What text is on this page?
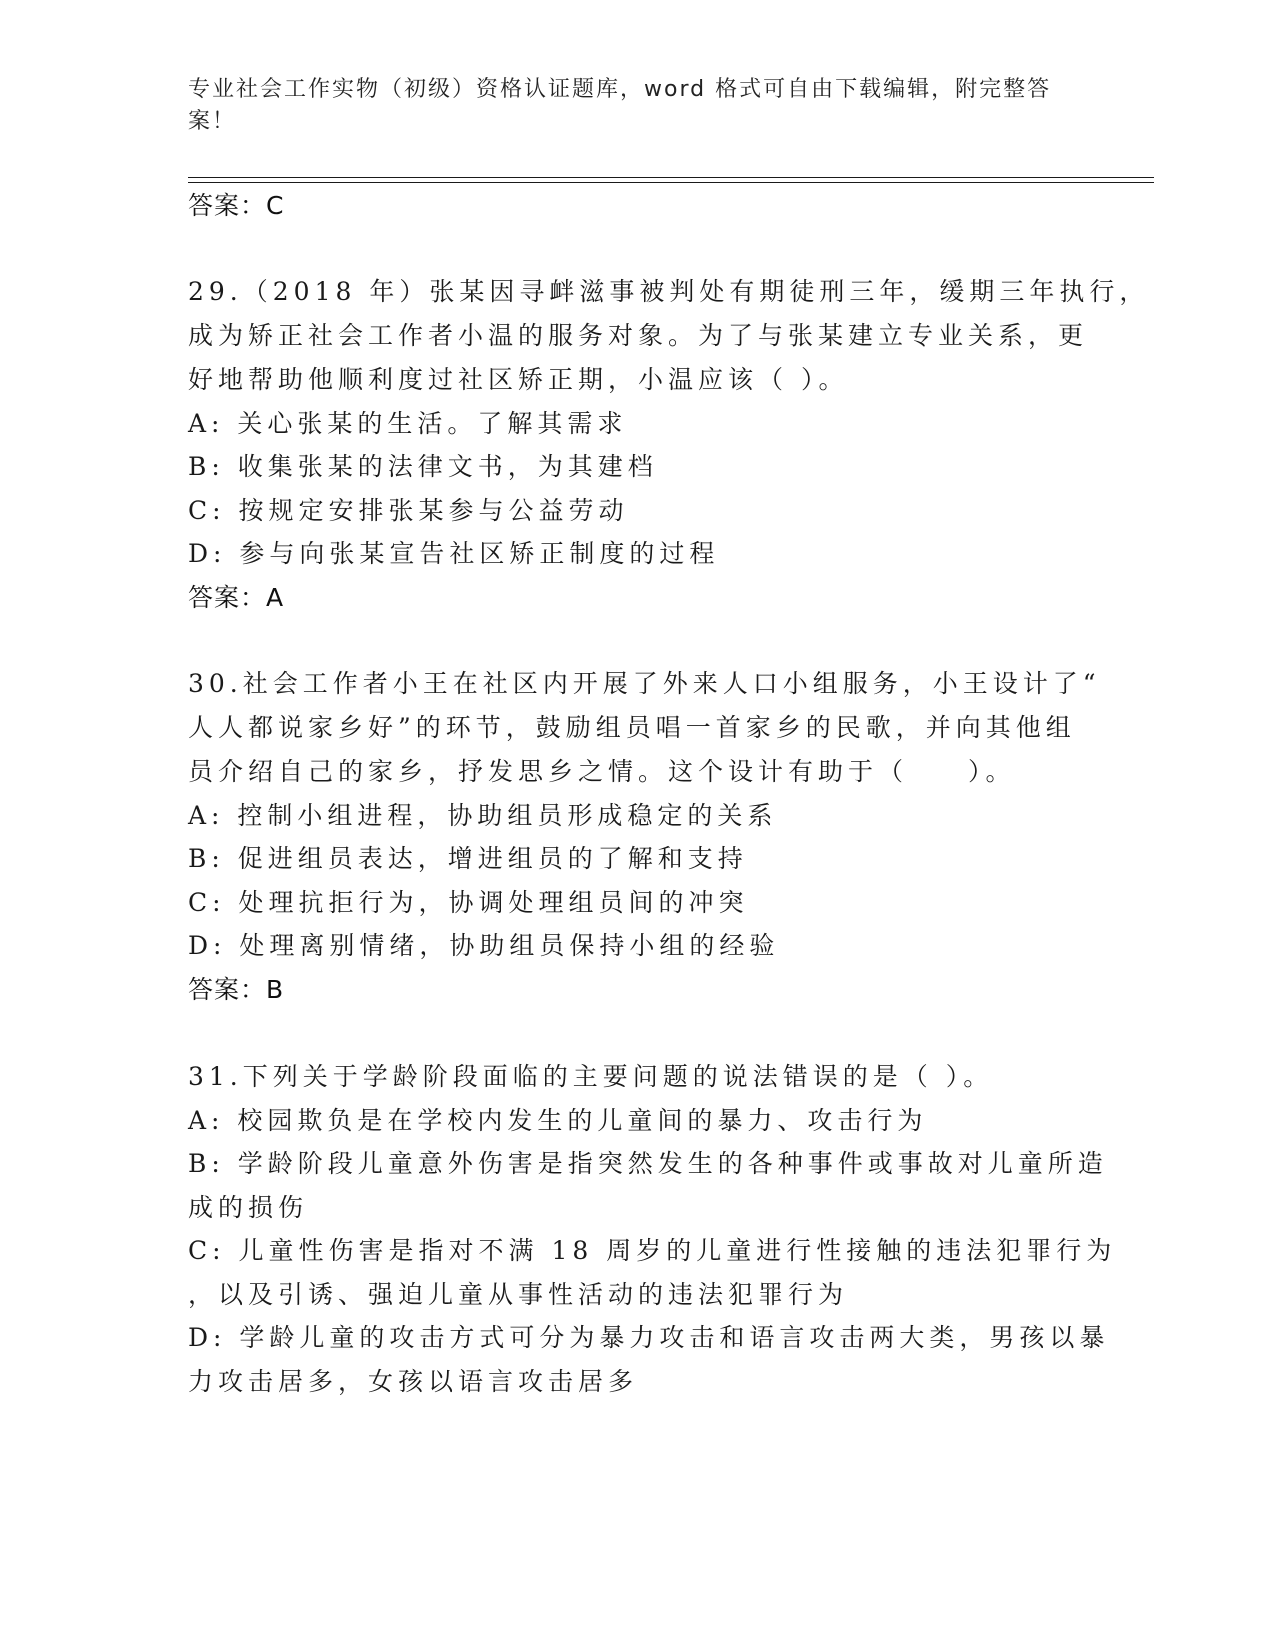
专业社会工作实物（初级）资格认证题库，word 格式可自由下载编辑，附完整答
案！
答案：C
29.（2018 年）张某因寻衅滋事被判处有期徒刑三年，缓期三年执行，
成为矫正社会工作者小温的服务对象。为了与张某建立专业关系，更
好地帮助他顺利度过社区矫正期，小温应该（ ）。
A: 关心张某的生活。了解其需求
B: 收集张某的法律文书，为其建档
C: 按规定安排张某参与公益劳动
D: 参与向张某宣告社区矫正制度的过程
答案：A
30.社会工作者小王在社区内开展了外来人口小组服务，小王设计了“
人人都说家乡好”的环节，鼓励组员唱一首家乡的民歌，并向其他组
员介绍自己的家乡，抒发思乡之情。这个设计有助于（　　）。
A: 控制小组进程，协助组员形成稳定的关系
B: 促进组员表达，增进组员的了解和支持
C: 处理抗拒行为，协调处理组员间的冲突
D: 处理离别情绪，协助组员保持小组的经验
答案：B
31.下列关于学龄阶段面临的主要问题的说法错误的是（ ）。
A: 校园欺负是在学校内发生的儿童间的暴力、攻击行为
B: 学龄阶段儿童意外伤害是指突然发生的各种事件或事故对儿童所造
成的损伤
C: 儿童性伤害是指对不满 18 周岁的儿童进行性接触的违法犯罪行为
，以及引诱、强迫儿童从事性活动的违法犯罪行为
D: 学龄儿童的攻击方式可分为暴力攻击和语言攻击两大类，男孩以暴
力攻击居多，女孩以语言攻击居多
